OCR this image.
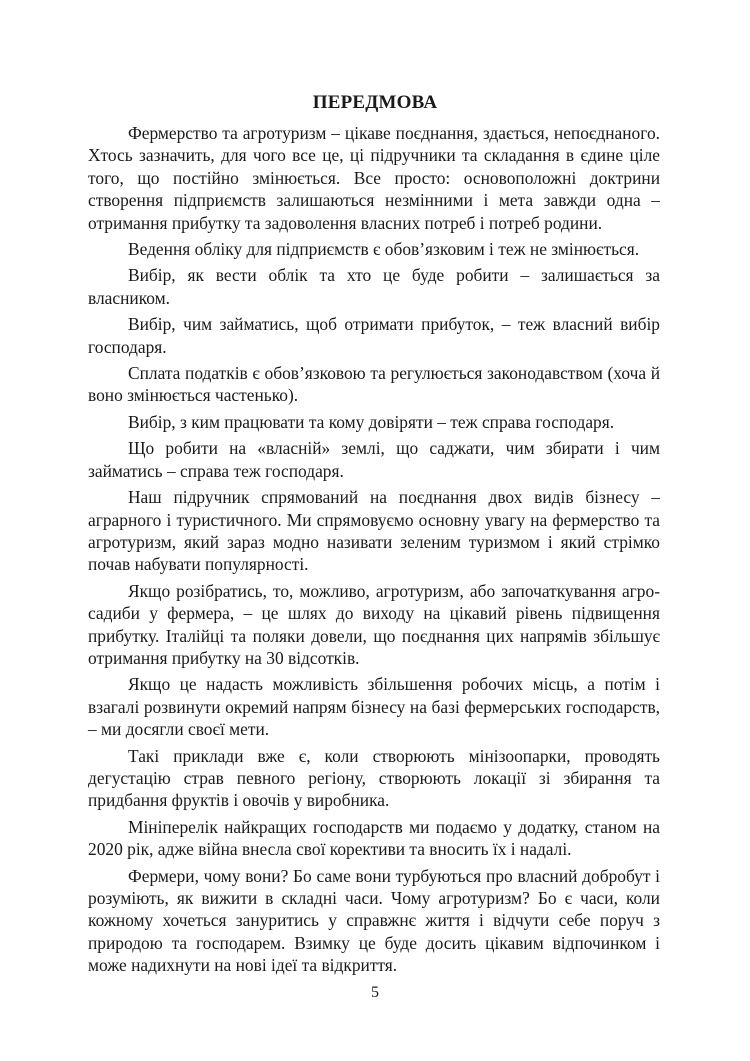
ПЕРЕДМОВА

Фермерство та агротуризм – цікаве поєднання, здається, непоєднаного. Хтось зазначить, для чого все це, ці підручники та складання в єдине ціле того, що постійно змінюється. Все просто: основоположні доктрини створення підприємств залишаються незмінними і мета завжди одна – отримання прибутку та задоволення власних потреб і потреб родини.

Ведення обліку для підприємств є обов’язковим і теж не змінюється.

Вибір, як вести облік та хто це буде робити – залишається за власником.

Вибір, чим займатись, щоб отримати прибуток, – теж власний вибір господаря.

Сплата податків є обов’язковою та регулюється законодавством (хоча й воно змінюється частенько).

Вибір, з ким працювати та кому довіряти – теж справа господаря.

Що робити на «власній» землі, що саджати, чим збирати і чим займатись – справа теж господаря.

Наш підручник спрямований на поєднання двох видів бізнесу – аграрного і туристичного. Ми спрямовуємо основну увагу на фермерство та агротуризм, який зараз модно називати зеленим туризмом і який стрімко почав набувати популярності.

Якщо розібратись, то, можливо, агротуризм, або започаткування агро-садиби у фермера, – це шлях до виходу на цікавий рівень підвищення прибутку. Італійці та поляки довели, що поєднання цих напрямів збільшує отримання прибутку на 30 відсотків.

Якщо це надасть можливість збільшення робочих місць, а потім і взагалі розвинути окремий напрям бізнесу на базі фермерських господарств, – ми досягли своєї мети.

Такі приклади вже є, коли створюють мінізоопарки, проводять дегустацію страв певного регіону, створюють локації зі збирання та придбання фруктів і овочів у виробника.

Мініперелік найкращих господарств ми подаємо у додатку, станом на 2020 рік, адже війна внесла свої корективи та вносить їх і надалі.

Фермери, чому вони? Бо саме вони турбуються про власний добробут і розуміють, як вижити в складні часи. Чому агротуризм? Бо є часи, коли кожному хочеться зануритись у справжнє життя і відчути себе поруч з природою та господарем. Взимку це буде досить цікавим відпочинком і може надихнути на нові ідеї та відкриття.

5
